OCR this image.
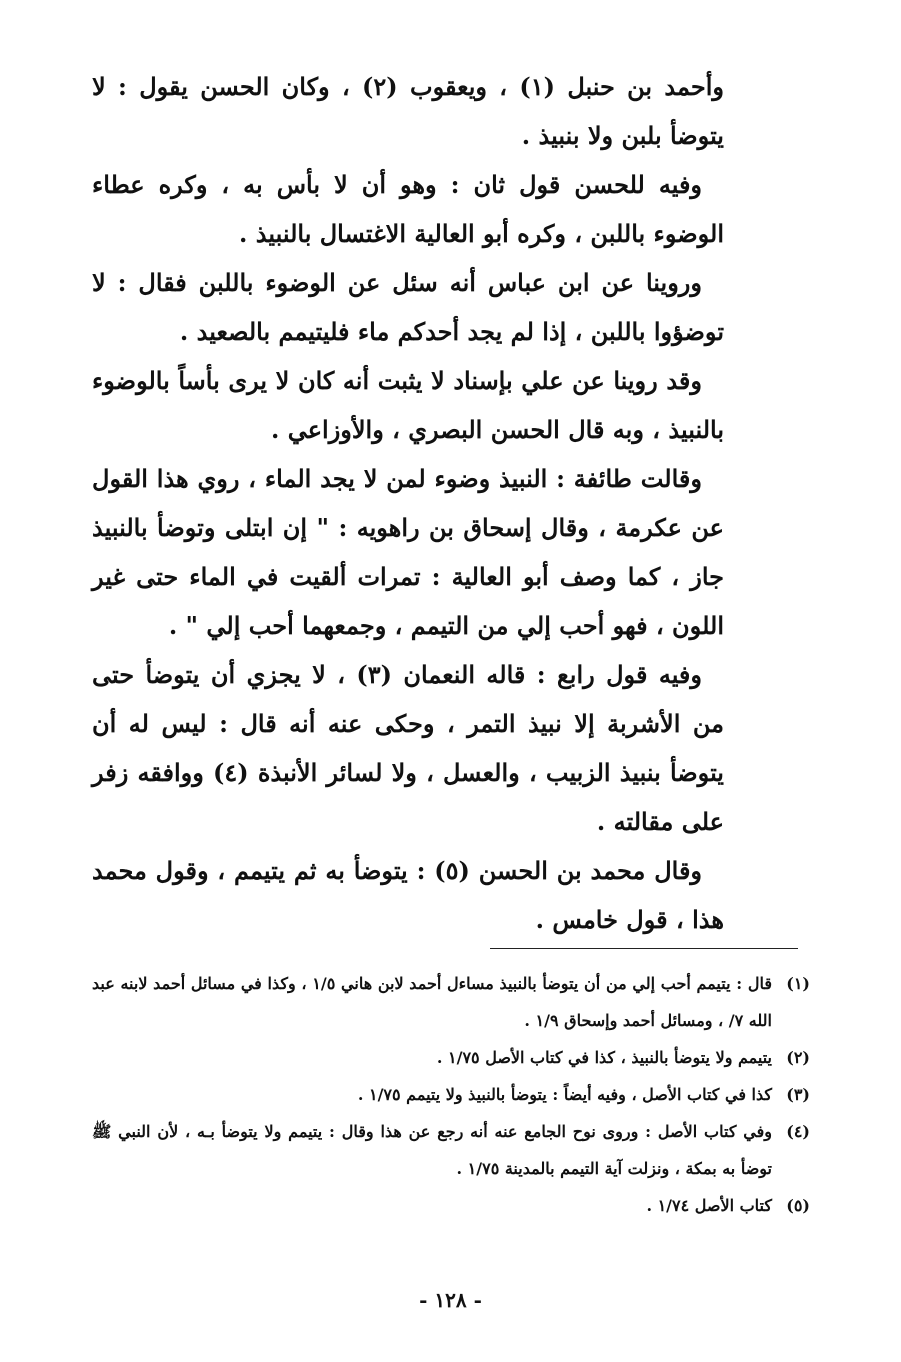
وأحمد بن حنبل (١) ، ويعقوب (٢) ، وكان الحسن يقول : لا يتوضأ بلبن ولا بنبيذ .

وفيه للحسن قول ثان : وهو أن لا بأس به ، وكره عطاء الوضوء باللبن ، وكره أبو العالية الاغتسال بالنبيذ .

وروينا عن ابن عباس أنه سئل عن الوضوء باللبن فقال : لا توضؤوا باللبن ، إذا لم يجد أحدكم ماء فليتيمم بالصعيد .

وقد روينا عن علي بإسناد لا يثبت أنه كان لا يرى بأساً بالوضوء بالنبيذ ، وبه قال الحسن البصري ، والأوزاعي .

وقالت طائفة : النبيذ وضوء لمن لا يجد الماء ، روي هذا القول عن عكرمة ، وقال إسحاق بن راهويه : " إن ابتلى وتوضأ بالنبيذ جاز ، كما وصف أبو العالية : تمرات ألقيت في الماء حتى غير اللون ، فهو أحب إلي من التيمم ، وجمعهما أحب إلي " .

وفيه قول رابع : قاله النعمان (٣) ، لا يجزي أن يتوضأ حتى من الأشربة إلا نبيذ التمر ، وحكى عنه أنه قال : ليس له أن يتوضأ بنبيذ الزبيب ، والعسل ، ولا لسائر الأنبذة (٤) ووافقه زفر على مقالته .

وقال محمد بن الحسن (٥) : يتوضأ به ثم يتيمم ، وقول محمد هذا ، قول خامس .

(١)
قال : يتيمم أحب إلي من أن يتوضأ بالنبيذ مساءل أحمد لابن هاني ١/٥ ، وكذا في مسائل أحمد لابنه عبد الله ٧/ ، ومسائل أحمد وإسحاق ١/٩ .
(٢)
يتيمم ولا يتوضأ بالنبيذ ، كذا في كتاب الأصل ١/٧٥ .
(٣)
كذا في كتاب الأصل ، وفيه أيضاً : يتوضأ بالنبيذ ولا يتيمم ١/٧٥ .
(٤)
وفي كتاب الأصل : وروى نوح الجامع عنه أنه رجع عن هذا وقال : يتيمم ولا يتوضأ بـه ، لأن النبي ﷺ توضأ به بمكة ، ونزلت آية التيمم بالمدينة ١/٧٥ .
(٥)
كتاب الأصل ١/٧٤ .
- ١٢٨ -
